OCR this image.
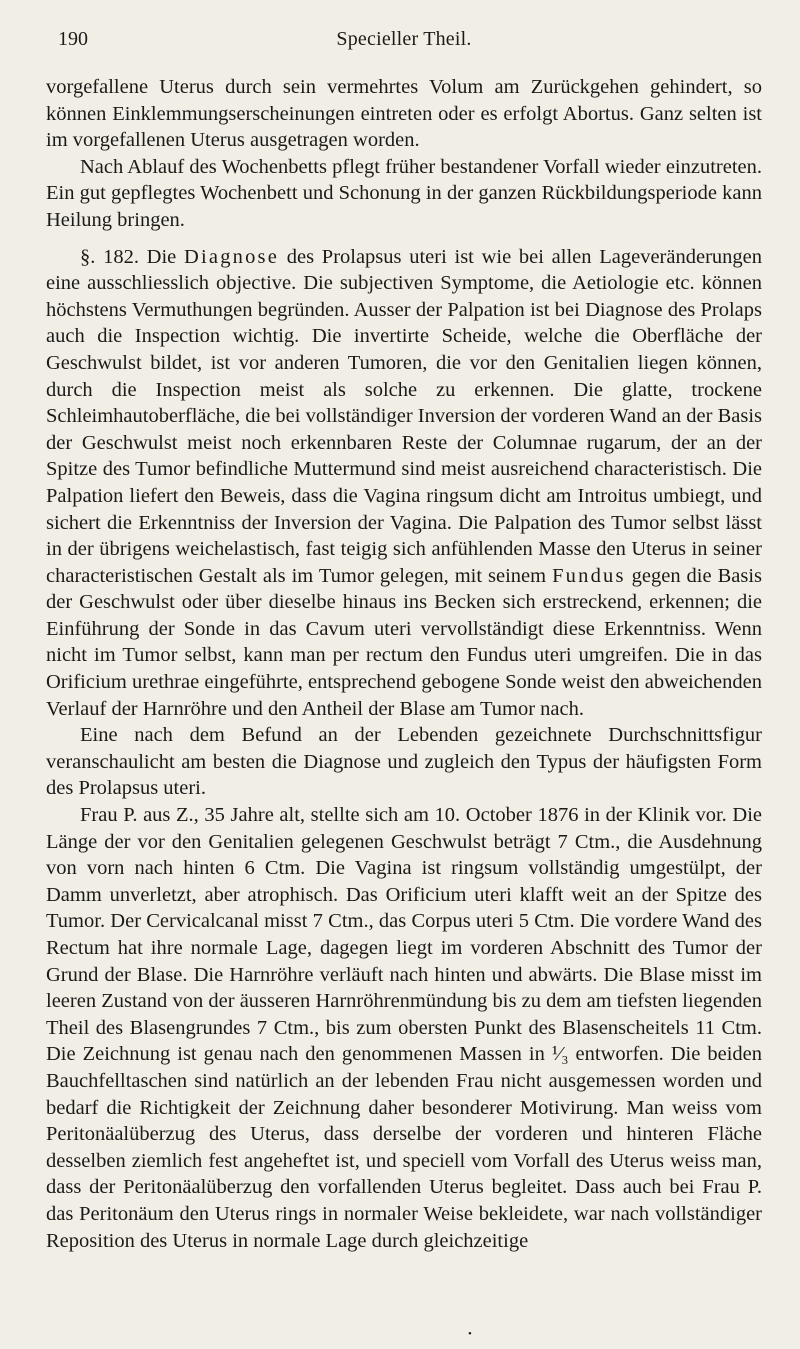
190	Specieller Theil.

vorgefallene Uterus durch sein vermehrtes Volum am Zurückgehen gehindert, so können Einklemmungserscheinungen eintreten oder es erfolgt Abortus. Ganz selten ist im vorgefallenen Uterus ausgetragen worden.

Nach Ablauf des Wochenbetts pflegt früher bestandener Vorfall wieder einzutreten. Ein gut gepflegtes Wochenbett und Schonung in der ganzen Rückbildungsperiode kann Heilung bringen.

§. 182. Die Diagnose des Prolapsus uteri ist wie bei allen Lageveränderungen eine ausschliesslich objective. Die subjectiven Symptome, die Aetiologie etc. können höchstens Vermuthungen begründen. Ausser der Palpation ist bei Diagnose des Prolaps auch die Inspection wichtig. Die invertirte Scheide, welche die Oberfläche der Geschwulst bildet, ist vor anderen Tumoren, die vor den Genitalien liegen können, durch die Inspection meist als solche zu erkennen. Die glatte, trockene Schleimhautoberfläche, die bei vollständiger Inversion der vorderen Wand an der Basis der Geschwulst meist noch erkennbaren Reste der Columnae rugarum, der an der Spitze des Tumor befindliche Muttermund sind meist ausreichend characteristisch. Die Palpation liefert den Beweis, dass die Vagina ringsum dicht am Introitus umbiegt, und sichert die Erkenntniss der Inversion der Vagina. Die Palpation des Tumor selbst lässt in der übrigens weichelastisch, fast teigig sich anfühlenden Masse den Uterus in seiner characteristischen Gestalt als im Tumor gelegen, mit seinem Fundus gegen die Basis der Geschwulst oder über dieselbe hinaus ins Becken sich erstreckend, erkennen; die Einführung der Sonde in das Cavum uteri vervollständigt diese Erkenntniss. Wenn nicht im Tumor selbst, kann man per rectum den Fundus uteri umgreifen. Die in das Orificium urethrae eingeführte, entsprechend gebogene Sonde weist den abweichenden Verlauf der Harnröhre und den Antheil der Blase am Tumor nach.

Eine nach dem Befund an der Lebenden gezeichnete Durchschnittsfigur veranschaulicht am besten die Diagnose und zugleich den Typus der häufigsten Form des Prolapsus uteri.

Frau P. aus Z., 35 Jahre alt, stellte sich am 10. October 1876 in der Klinik vor. Die Länge der vor den Genitalien gelegenen Geschwulst beträgt 7 Ctm., die Ausdehnung von vorn nach hinten 6 Ctm. Die Vagina ist ringsum vollständig umgestülpt, der Damm unverletzt, aber atrophisch. Das Orificium uteri klafft weit an der Spitze des Tumor. Der Cervicalcanal misst 7 Ctm., das Corpus uteri 5 Ctm. Die vordere Wand des Rectum hat ihre normale Lage, dagegen liegt im vorderen Abschnitt des Tumor der Grund der Blase. Die Harnröhre verläuft nach hinten und abwärts. Die Blase misst im leeren Zustand von der äusseren Harnröhrenmündung bis zu dem am tiefsten liegenden Theil des Blasengrundes 7 Ctm., bis zum obersten Punkt des Blasenscheitels 11 Ctm. Die Zeichnung ist genau nach den genommenen Massen in ¹⁄₃ entworfen. Die beiden Bauchfelltaschen sind natürlich an der lebenden Frau nicht ausgemessen worden und bedarf die Richtigkeit der Zeichnung daher besonderer Motivirung. Man weiss vom Peritonäalüberzug des Uterus, dass derselbe der vorderen und hinteren Fläche desselben ziemlich fest angeheftet ist, und speciell vom Vorfall des Uterus weiss man, dass der Peritonäalüberzug den vorfallenden Uterus begleitet. Dass auch bei Frau P. das Peritonäum den Uterus rings in normaler Weise bekleidete, war nach vollständiger Reposition des Uterus in normale Lage durch gleichzeitige

•
